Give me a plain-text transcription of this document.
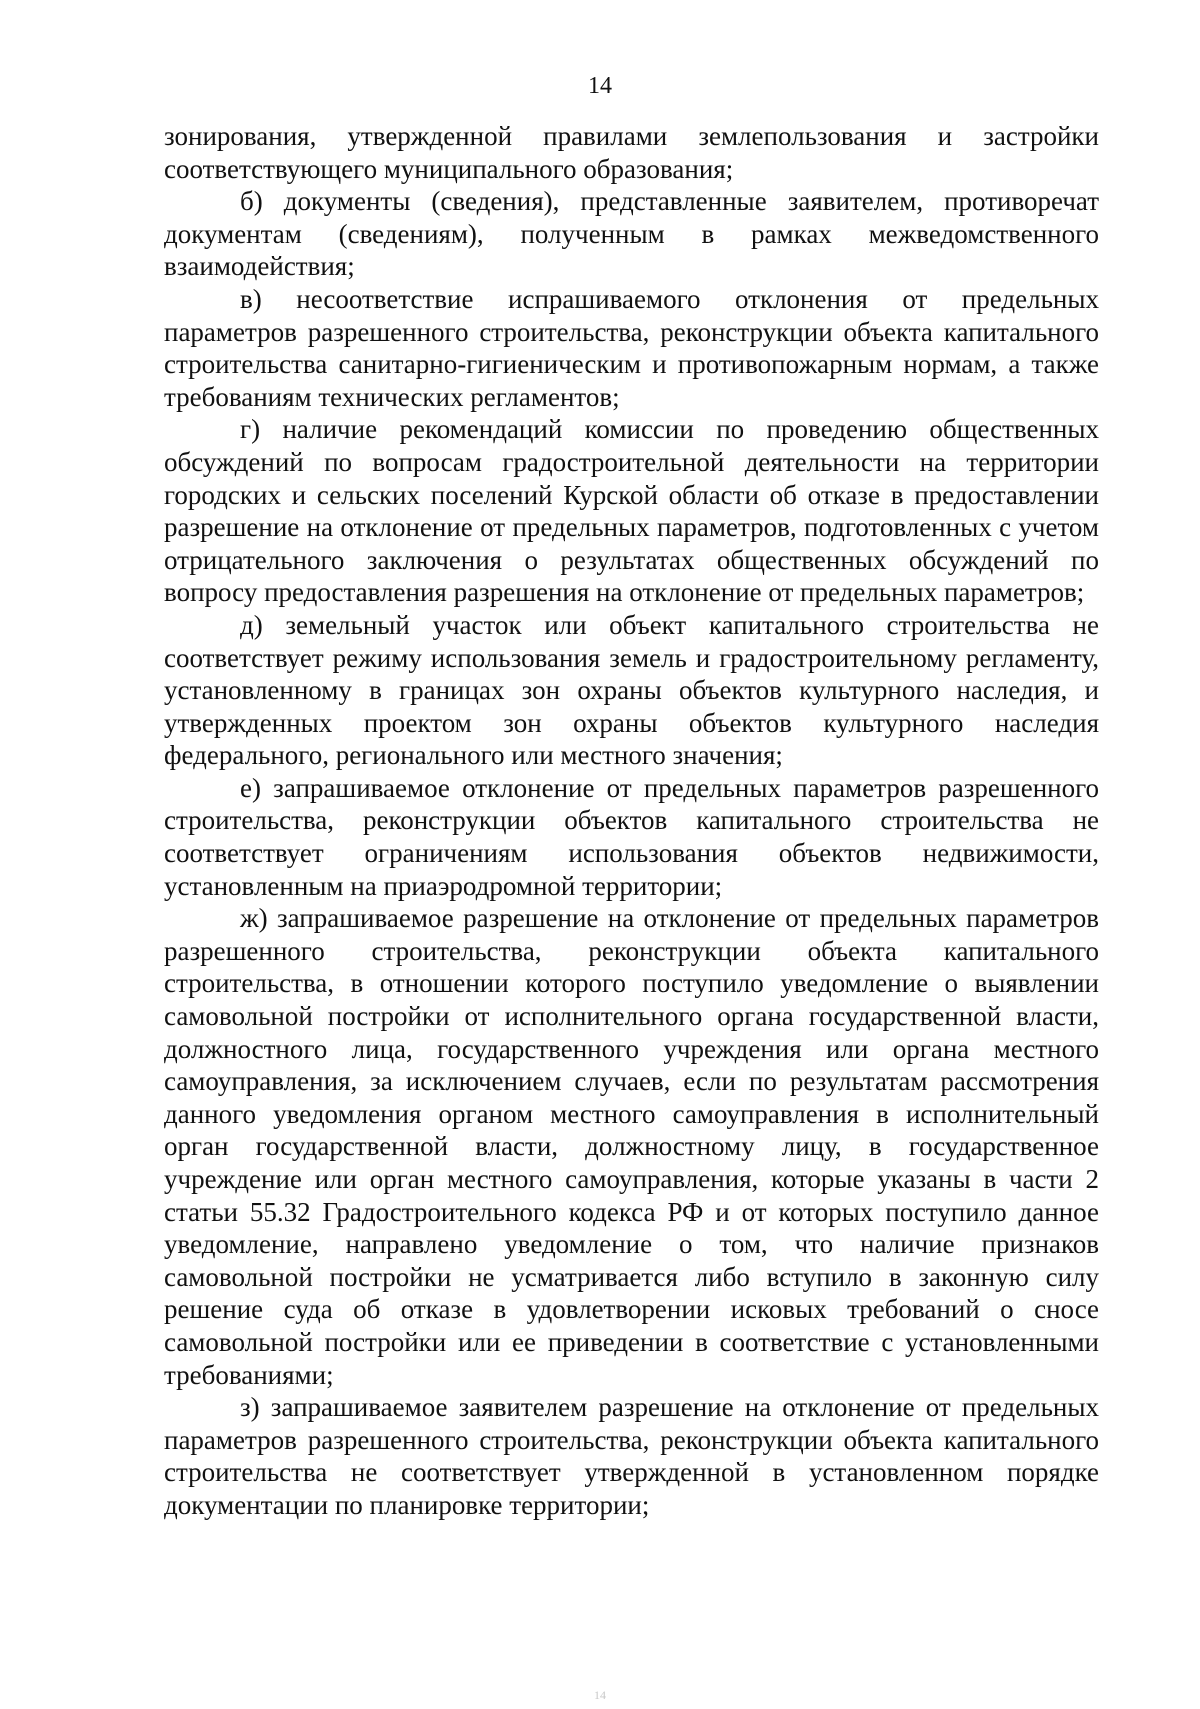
14

зонирования, утвержденной правилами землепользования и застройки соответствующего муниципального образования;

б) документы (сведения), представленные заявителем, противоречат документам (сведениям), полученным в рамках межведомственного взаимодействия;

в) несоответствие испрашиваемого отклонения от предельных параметров разрешенного строительства, реконструкции объекта капитального строительства санитарно-гигиеническим и противопожарным нормам, а также требованиям технических регламентов;

г) наличие рекомендаций комиссии по проведению общественных обсуждений по вопросам градостроительной деятельности на территории городских и сельских поселений Курской области об отказе в предоставлении разрешение на отклонение от предельных параметров, подготовленных с учетом отрицательного заключения о результатах общественных обсуждений по вопросу предоставления разрешения на отклонение от предельных параметров;

д) земельный участок или объект капитального строительства не соответствует режиму использования земель и градостроительному регламенту, установленному в границах зон охраны объектов культурного наследия, и утвержденных проектом зон охраны объектов культурного наследия федерального, регионального или местного значения;

е) запрашиваемое отклонение от предельных параметров разрешенного строительства, реконструкции объектов капитального строительства не соответствует ограничениям использования объектов недвижимости, установленным на приаэродромной территории;

ж) запрашиваемое разрешение на отклонение от предельных параметров разрешенного строительства, реконструкции объекта капитального строительства, в отношении которого поступило уведомление о выявлении самовольной постройки от исполнительного органа государственной власти, должностного лица, государственного учреждения или органа местного самоуправления, за исключением случаев, если по результатам рассмотрения данного уведомления органом местного самоуправления в исполнительный орган государственной власти, должностному лицу, в государственное учреждение или орган местного самоуправления, которые указаны в части 2 статьи 55.32 Градостроительного кодекса РФ и от которых поступило данное уведомление, направлено уведомление о том, что наличие признаков самовольной постройки не усматривается либо вступило в законную силу решение суда об отказе в удовлетворении исковых требований о сносе самовольной постройки или ее приведении в соответствие с установленными требованиями;

з) запрашиваемое заявителем разрешение на отклонение от предельных параметров разрешенного строительства, реконструкции объекта капитального строительства не соответствует утвержденной в установленном порядке документации по планировке территории;

14
